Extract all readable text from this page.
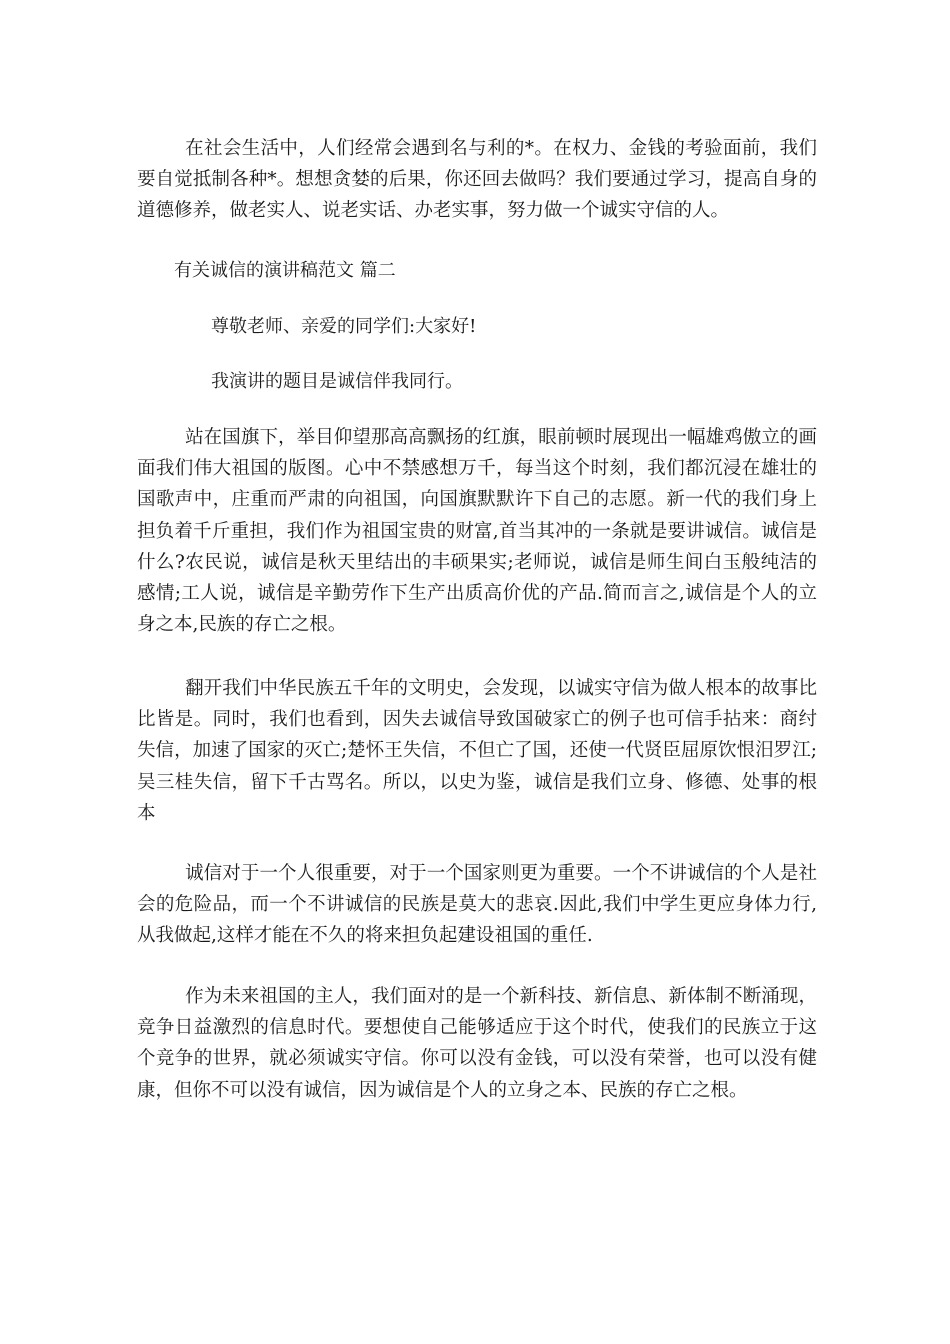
在社会生活中，人们经常会遇到名与利的*。在权力、金钱的考验面前，我们要自觉抵制各种*。想想贪婪的后果，你还回去做吗？我们要通过学习，提高自身的道德修养，做老实人、说老实话、办老实事，努力做一个诚实守信的人。

有关诚信的演讲稿范文 篇二

尊敬老师、亲爱的同学们:大家好!

我演讲的题目是诚信伴我同行。

站在国旗下，举目仰望那高高飘扬的红旗，眼前顿时展现出一幅雄鸡傲立的画面我们伟大祖国的版图。心中不禁感想万千，每当这个时刻，我们都沉浸在雄壮的国歌声中，庄重而严肃的向祖国，向国旗默默许下自己的志愿。新一代的我们身上担负着千斤重担，我们作为祖国宝贵的财富,首当其冲的一条就是要讲诚信。诚信是什么?农民说，诚信是秋天里结出的丰硕果实;老师说，诚信是师生间白玉般纯洁的感情;工人说，诚信是辛勤劳作下生产出质高价优的产品.简而言之,诚信是个人的立身之本,民族的存亡之根。

翻开我们中华民族五千年的文明史，会发现，以诚实守信为做人根本的故事比比皆是。同时，我们也看到，因失去诚信导致国破家亡的例子也可信手拈来：商纣失信，加速了国家的灭亡;楚怀王失信，不但亡了国，还使一代贤臣屈原饮恨汨罗江;吴三桂失信，留下千古骂名。所以，以史为鉴，诚信是我们立身、修德、处事的根本

诚信对于一个人很重要，对于一个国家则更为重要。一个不讲诚信的个人是社会的危险品，而一个不讲诚信的民族是莫大的悲哀.因此,我们中学生更应身体力行,从我做起,这样才能在不久的将来担负起建设祖国的重任.

作为未来祖国的主人，我们面对的是一个新科技、新信息、新体制不断涌现，竞争日益激烈的信息时代。要想使自己能够适应于这个时代，使我们的民族立于这个竞争的世界，就必须诚实守信。你可以没有金钱，可以没有荣誉，也可以没有健康，但你不可以没有诚信，因为诚信是个人的立身之本、民族的存亡之根。
